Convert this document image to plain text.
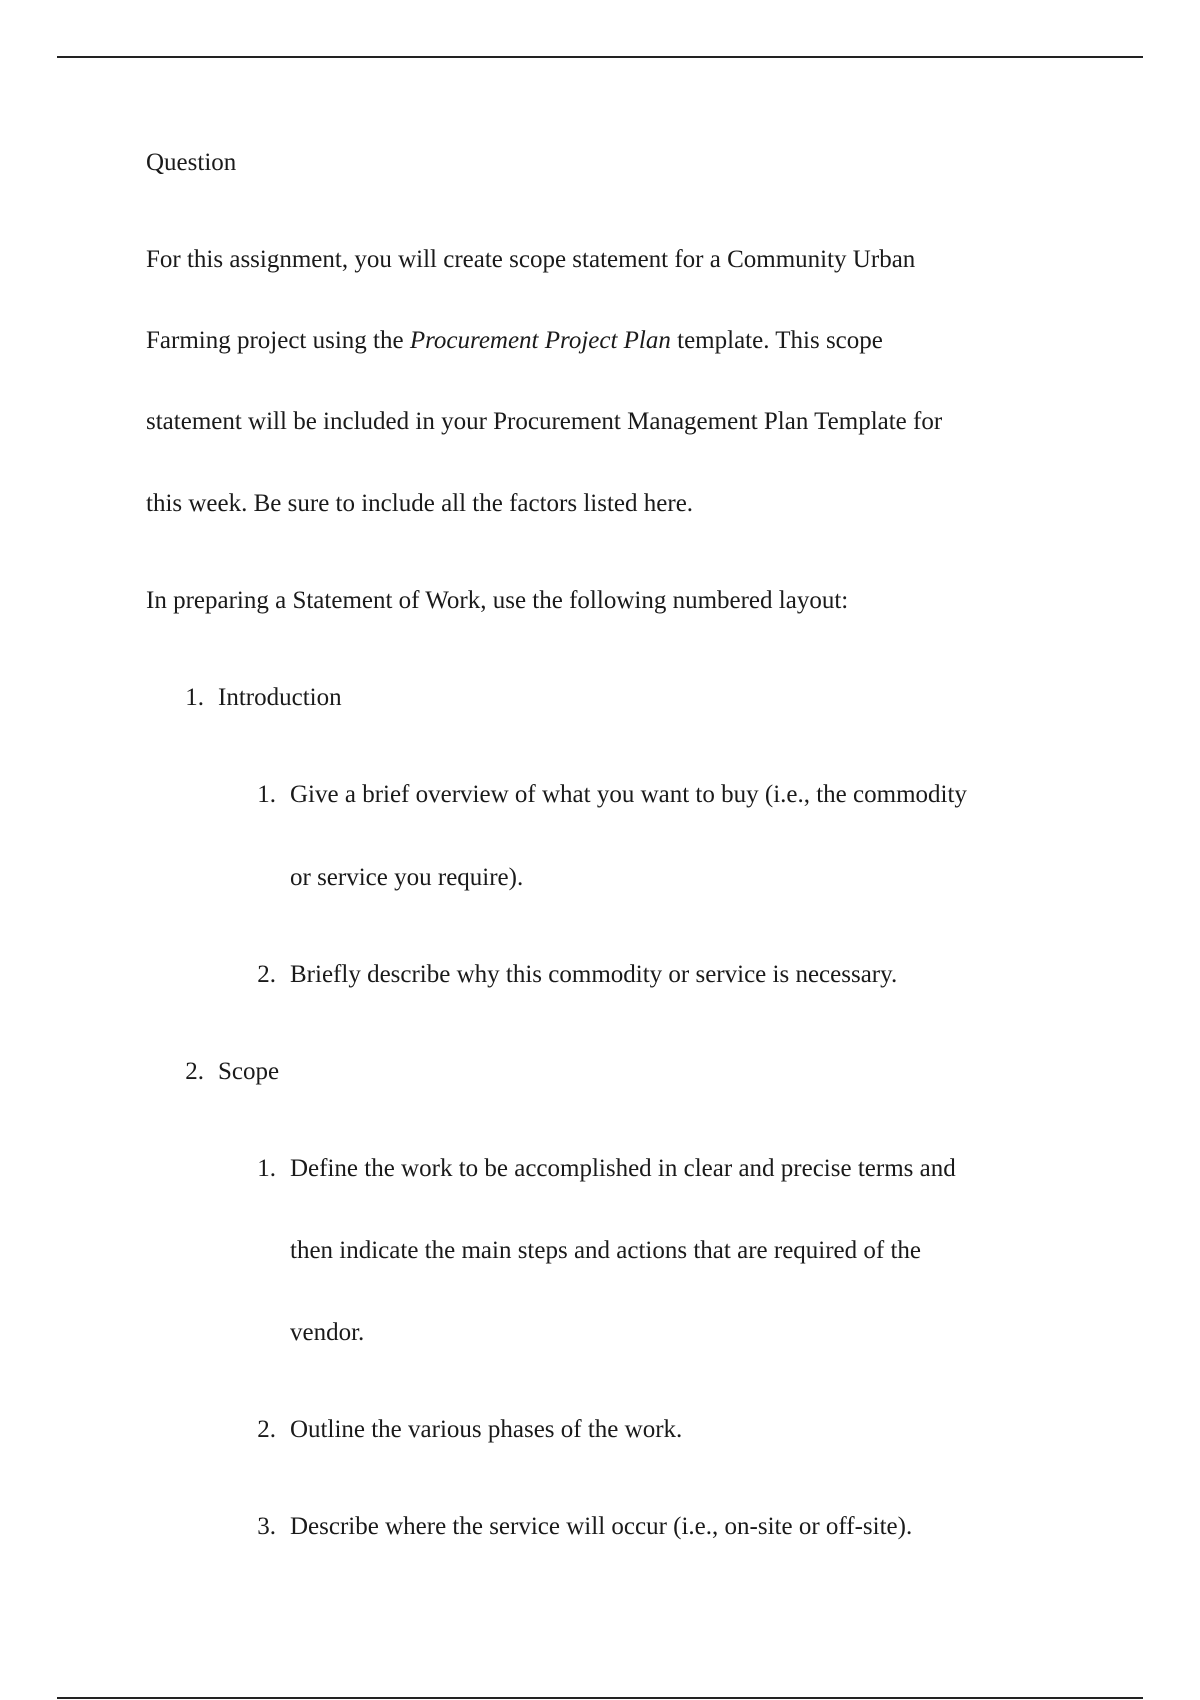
Question

For this assignment, you will create scope statement for a Community Urban

Farming project using the Procurement Project Plan template. This scope

statement will be included in your Procurement Management Plan Template for

this week. Be sure to include all the factors listed here.

In preparing a Statement of Work, use the following numbered layout:

1. Introduction
1. Give a brief overview of what you want to buy (i.e., the commodity
or service you require).
2. Briefly describe why this commodity or service is necessary.
2. Scope
1. Define the work to be accomplished in clear and precise terms and
then indicate the main steps and actions that are required of the
vendor.
2. Outline the various phases of the work.
3. Describe where the service will occur (i.e., on-site or off-site).
